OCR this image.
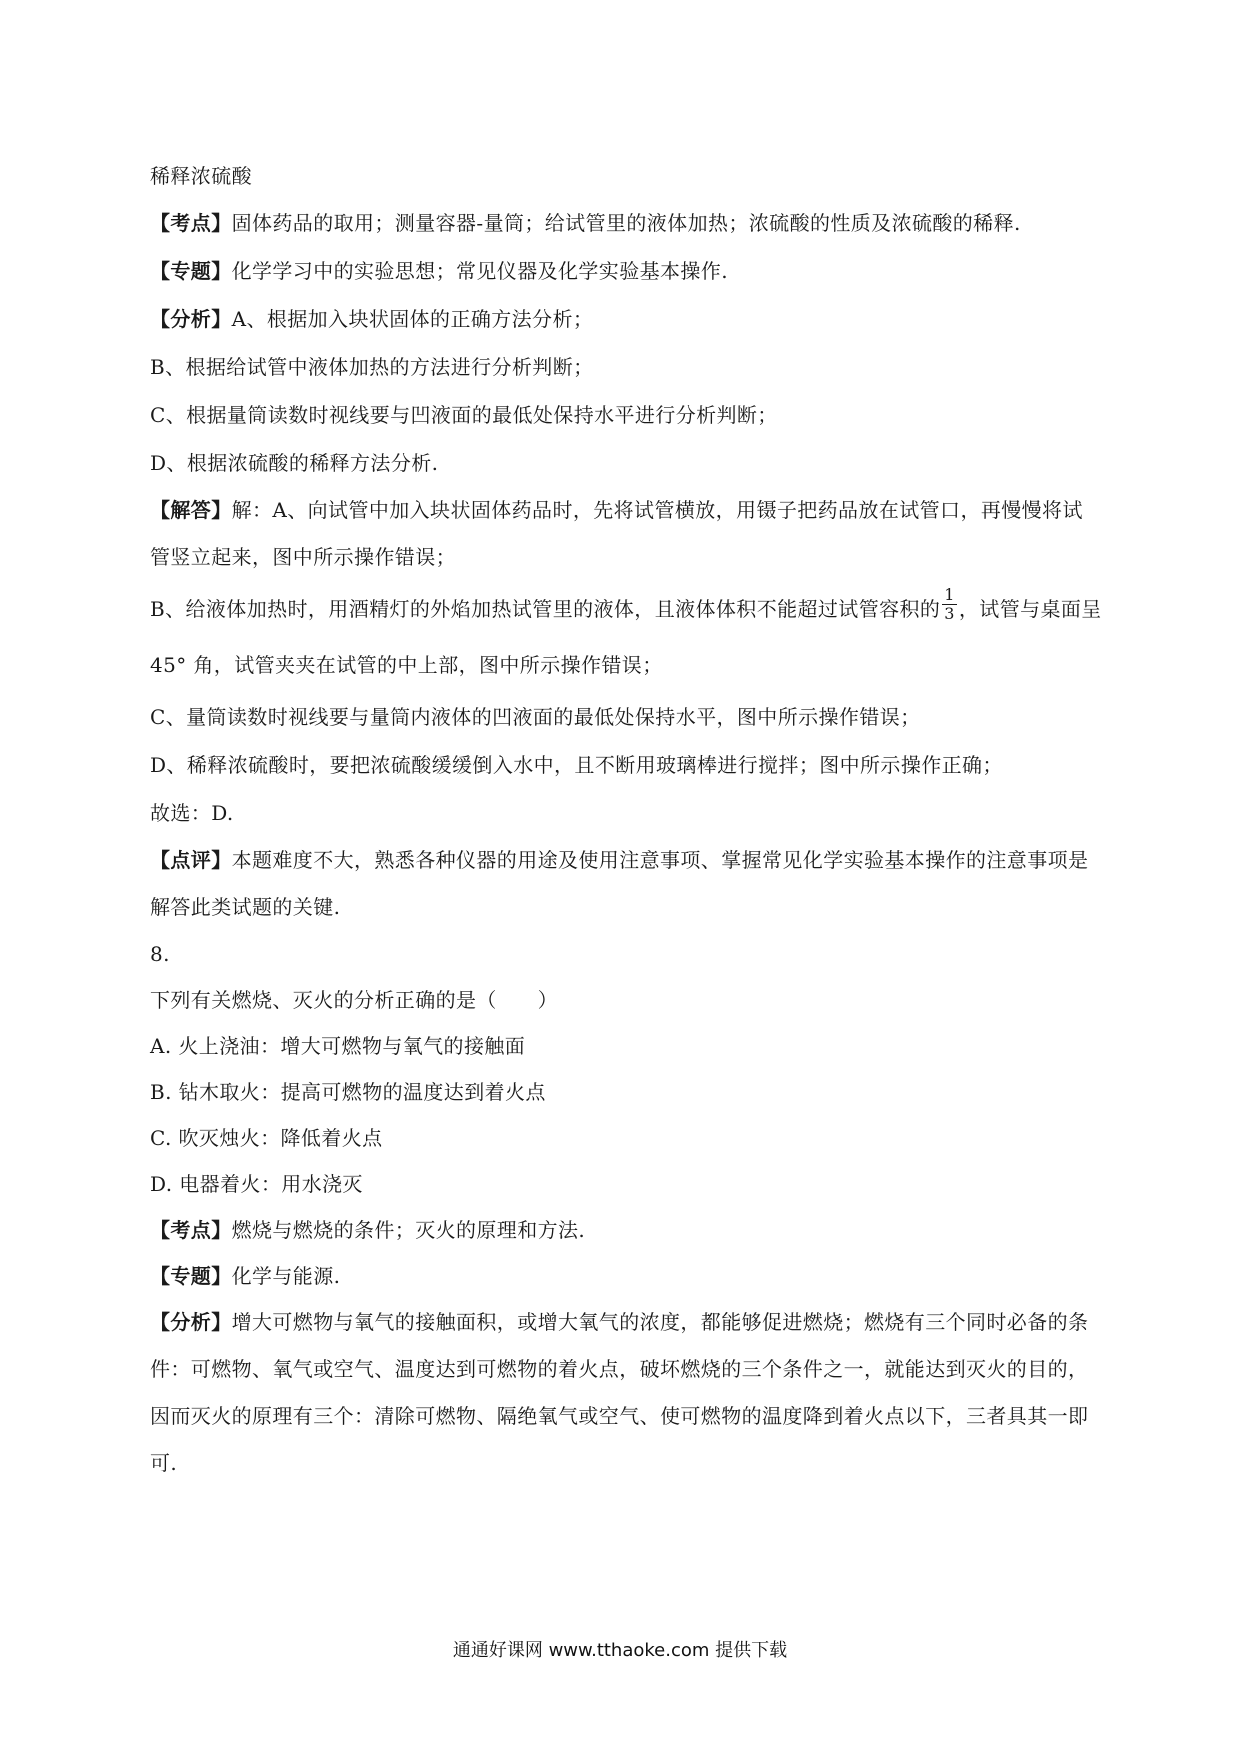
稀释浓硫酸

【考点】固体药品的取用；测量容器-量筒；给试管里的液体加热；浓硫酸的性质及浓硫酸的稀释.

【专题】化学学习中的实验思想；常见仪器及化学实验基本操作.

【分析】A、根据加入块状固体的正确方法分析；

B、根据给试管中液体加热的方法进行分析判断；

C、根据量筒读数时视线要与凹液面的最低处保持水平进行分析判断；

D、根据浓硫酸的稀释方法分析.

【解答】解：A、向试管中加入块状固体药品时，先将试管横放，用镊子把药品放在试管口，再慢慢将试管竖立起来，图中所示操作错误；

B、给液体加热时，用酒精灯的外焰加热试管里的液体，且液体体积不能超过试管容积的 $\frac{1}{3}$ ，试管与桌面呈 45° 角，试管夹夹在试管的中上部，图中所示操作错误；

C、量筒读数时视线要与量筒内液体的凹液面的最低处保持水平，图中所示操作错误；

D、稀释浓硫酸时，要把浓硫酸缓缓倒入水中，且不断用玻璃棒进行搅拌；图中所示操作正确；

故选：D.

【点评】本题难度不大，熟悉各种仪器的用途及使用注意事项、掌握常见化学实验基本操作的注意事项是解答此类试题的关键.

8.

下列有关燃烧、灭火的分析正确的是（　　）

A. 火上浇油：增大可燃物与氧气的接触面

B. 钻木取火：提高可燃物的温度达到着火点

C. 吹灭烛火：降低着火点

D. 电器着火：用水浇灭

【考点】燃烧与燃烧的条件；灭火的原理和方法.

【专题】化学与能源.

【分析】增大可燃物与氧气的接触面积，或增大氧气的浓度，都能够促进燃烧；燃烧有三个同时必备的条件：可燃物、氧气或空气、温度达到可燃物的着火点，破坏燃烧的三个条件之一，就能达到灭火的目的，因而灭火的原理有三个：清除可燃物、隔绝氧气或空气、使可燃物的温度降到着火点以下，三者具其一即可.

通通好课网 www.tthaoke.com 提供下载
